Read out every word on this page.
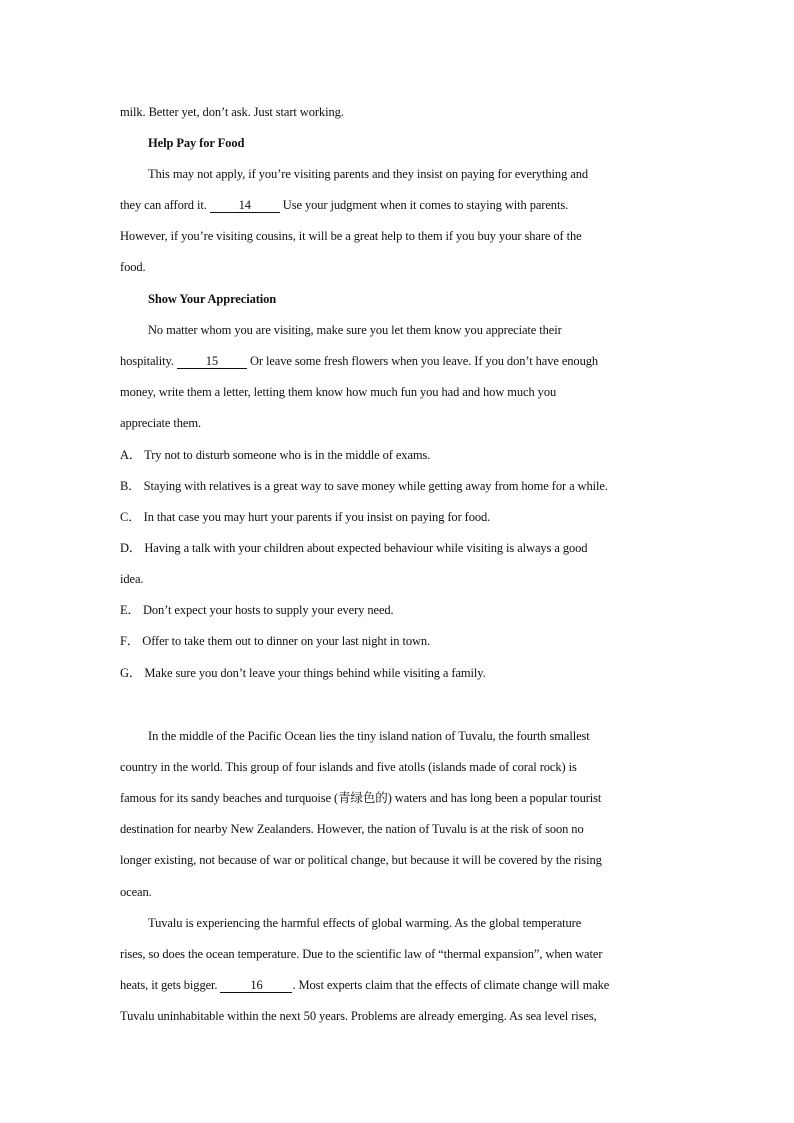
milk. Better yet, don’t ask. Just start working.
Help Pay for Food
This may not apply, if you’re visiting parents and they insist on paying for everything and
they can afford it.	14	Use your judgment when it comes to staying with parents.
However, if you’re visiting cousins, it will be a great help to them if you buy your share of the
food.
Show Your Appreciation
No matter whom you are visiting, make sure you let them know you appreciate their
hospitality.	15	Or leave some fresh flowers when you leave. If you don’t have enough
money, write them a letter, letting them know how much fun you had and how much you
appreciate them.
A． Try not to disturb someone who is in the middle of exams.
B． Staying with relatives is a great way to save money while getting away from home for a while.
C． In that case you may hurt your parents if you insist on paying for food.
D． Having a talk with your children about expected behaviour while visiting is always a good
idea.
E． Don’t expect your hosts to supply your every need.
F． Offer to take them out to dinner on your last night in town.
G． Make sure you don’t leave your things behind while visiting a family.
In the middle of the Pacific Ocean lies the tiny island nation of Tuvalu, the fourth smallest
country in the world. This group of four islands and five atolls (islands made of coral rock) is
famous for its sandy beaches and turquoise (青绿色的) waters and has long been a popular tourist
destination for nearby New Zealanders. However, the nation of Tuvalu is at the risk of soon no
longer existing, not because of war or political change, but because it will be covered by the rising
ocean.
Tuvalu is experiencing the harmful effects of global warming. As the global temperature
rises, so does the ocean temperature. Due to the scientific law of “thermal expansion”, when water
heats, it gets bigger.	16 . Most experts claim that the effects of climate change will make
Tuvalu uninhabitable within the next 50 years. Problems are already emerging. As sea level rises,
